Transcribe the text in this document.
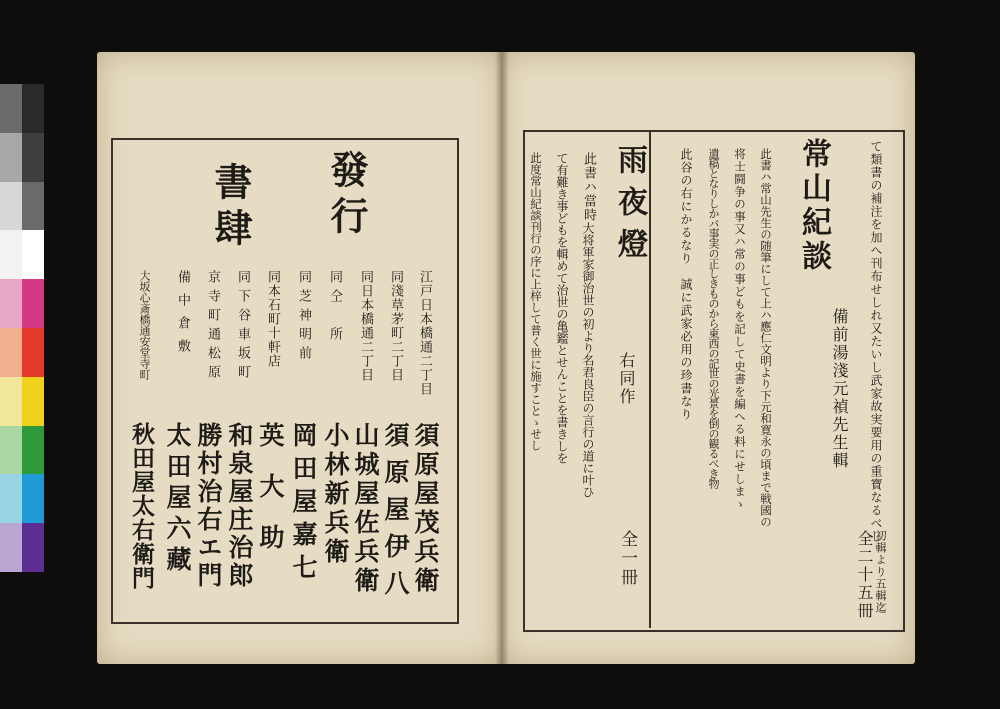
發行
書肆
江戸日本橋通二丁目
同淺草茅町二丁目
同日本橋通二丁目
同仝　所
同芝神明前
同本石町十軒店
同下谷車坂町
京寺町通松原
備中倉敷
大坂心斎橋通安堂寺町
須原屋茂兵衛
須原屋伊八
山城屋佐兵衛
小林新兵衛
岡田屋嘉七
英大助
和泉屋庄治郎
勝村治右エ門
太田屋六藏
秋田屋太右衛門
常山紀談	て類書の補注を加へ刊布せしれ又たいし武家故実要用の重寶なるべし
備前湯淺元禎先生輯
初輯より五輯迄
全二十五冊
此書ハ常山先生の随筆にして上ハ應仁文明より下元和寛永の頃まで戦國の
将士闘争の事又ハ常の事どもを記して史書を編へる料にせしまゝ
遺稿となりしかバ事実の正しきものから東西の記世の光景を倒の観るべき物
此谷の右にかるなり　誠に武家必用の珍書なり
雨夜燈
右同作
全一冊
此書ハ當時
大将軍家御治世の初より名君良臣の言行の道に叶ひ
て有難き事どもを輯めて治世の亀鑑とせんことを書きしを
此度常山紀談刊行の序に上梓して普く世に施すことゝせし
